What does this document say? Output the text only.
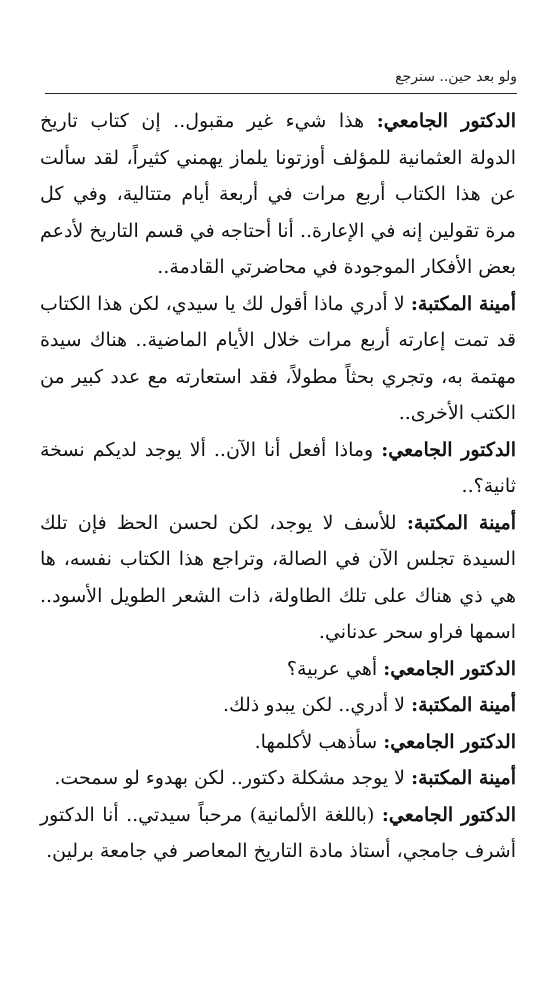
ولو بعد حين.. سنرجع

الدكتور الجامعي: هذا شيء غير مقبول.. إن كتاب تاريخ الدولة العثمانية للمؤلف أوزتونا يلماز يهمني كثيراً، لقد سألت عن هذا الكتاب أربع مرات في أربعة أيام متتالية، وفي كل مرة تقولين إنه في الإعارة.. أنا أحتاجه في قسم التاريخ لأدعم بعض الأفكار الموجودة في محاضرتي القادمة..

أمينة المكتبة: لا أدري ماذا أقول لك يا سيدي، لكن هذا الكتاب قد تمت إعارته أربع مرات خلال الأيام الماضية.. هناك سيدة مهتمة به، وتجري بحثاً مطولاً، فقد استعارته مع عدد كبير من الكتب الأخرى..

الدكتور الجامعي: وماذا أفعل أنا الآن.. ألا يوجد لديكم نسخة ثانية؟..

أمينة المكتبة: للأسف لا يوجد، لكن لحسن الحظ فإن تلك السيدة تجلس الآن في الصالة، وتراجع هذا الكتاب نفسه، ها هي ذي هناك على تلك الطاولة، ذات الشعر الطويل الأسود.. اسمها فراو سحر عدناني.

الدكتور الجامعي: أهي عربية؟

أمينة المكتبة: لا أدري.. لكن يبدو ذلك.

الدكتور الجامعي: سأذهب لأكلمها.

أمينة المكتبة: لا يوجد مشكلة دكتور.. لكن بهدوء لو سمحت.

الدكتور الجامعي: (باللغة الألمانية) مرحباً سيدتي.. أنا الدكتور أشرف جامجي، أستاذ مادة التاريخ المعاصر في جامعة برلين.
